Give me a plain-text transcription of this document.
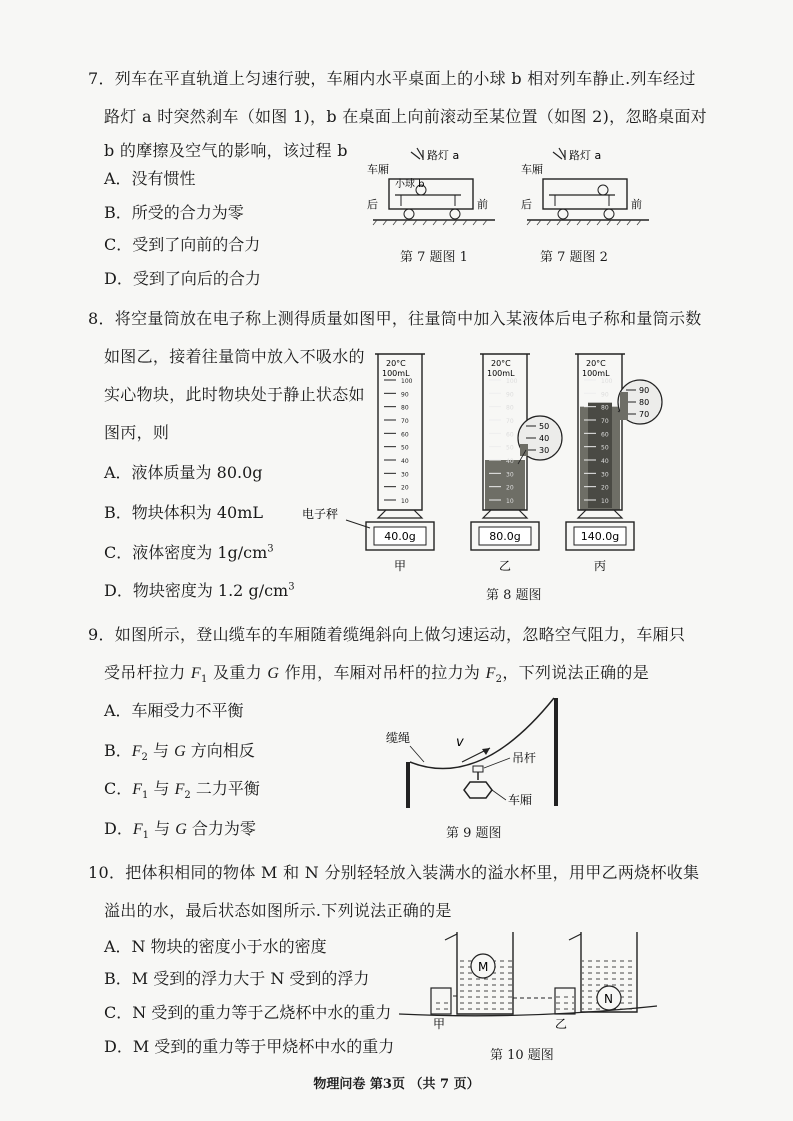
7．列车在平直轨道上匀速行驶，车厢内水平桌面上的小球 b 相对列车静止.列车经过
路灯 a 时突然刹车（如图 1)，b 在桌面上向前滚动至某位置（如图 2)，忽略桌面对
b 的摩擦及空气的影响，该过程 b
A．没有惯性
B．所受的合力为零
C．受到了向前的合力
D．受到了向后的合力
路灯 a
车厢
小球 b
后	前
第 7 题图 1
路灯 a
车厢
后	前
第 7 题图 2
8．将空量筒放在电子称上测得质量如图甲，往量筒中加入某液体后电子称和量筒示数
如图乙，接着往量筒中放入不吸水的
实心物块，此时物块处于静止状态如
图丙，则
A．液体质量为 80.0g
B．物块体积为 40mL
C．液体密度为 $1g/cm^3$
D．物块密度为 1.2 $g/cm^3$
电子秤
20°C
100mL
100
90
80
70
60
50
40
30
20
10
40.0g
甲
20°C
100mL
100
90
80
70
60
50
40
30
20
10
80.0g
乙
20°C
100mL
100
90
80
70
60
50
40
30
20
10
140.0g
丙
50
40
30
90
80
70
第 8 题图
9．如图所示，登山缆车的车厢随着缆绳斜向上做匀速运动，忽略空气阻力，车厢只
受吊杆拉力 $F_1$ 及重力 G 作用，车厢对吊杆的拉力为 $F_2$，下列说法正确的是
A．车厢受力不平衡
B．$F_2$ 与 G 方向相反
C．$F_1$ 与 $F_2$ 二力平衡
D．$F_1$ 与 G 合力为零
缆绳	v
吊杆
车厢
第 9 题图
10．把体积相同的物体 M 和 N 分别轻轻放入装满水的溢水杯里，用甲乙两烧杯收集
溢出的水，最后状态如图所示.下列说法正确的是
A．N 物块的密度小于水的密度
B．M 受到的浮力大于 N 受到的浮力
C．N 受到的重力等于乙烧杯中水的重力
D．M 受到的重力等于甲烧杯中水的重力
甲
M
乙
N
第 10 题图
物理问卷 第3页 （共 7 页）
